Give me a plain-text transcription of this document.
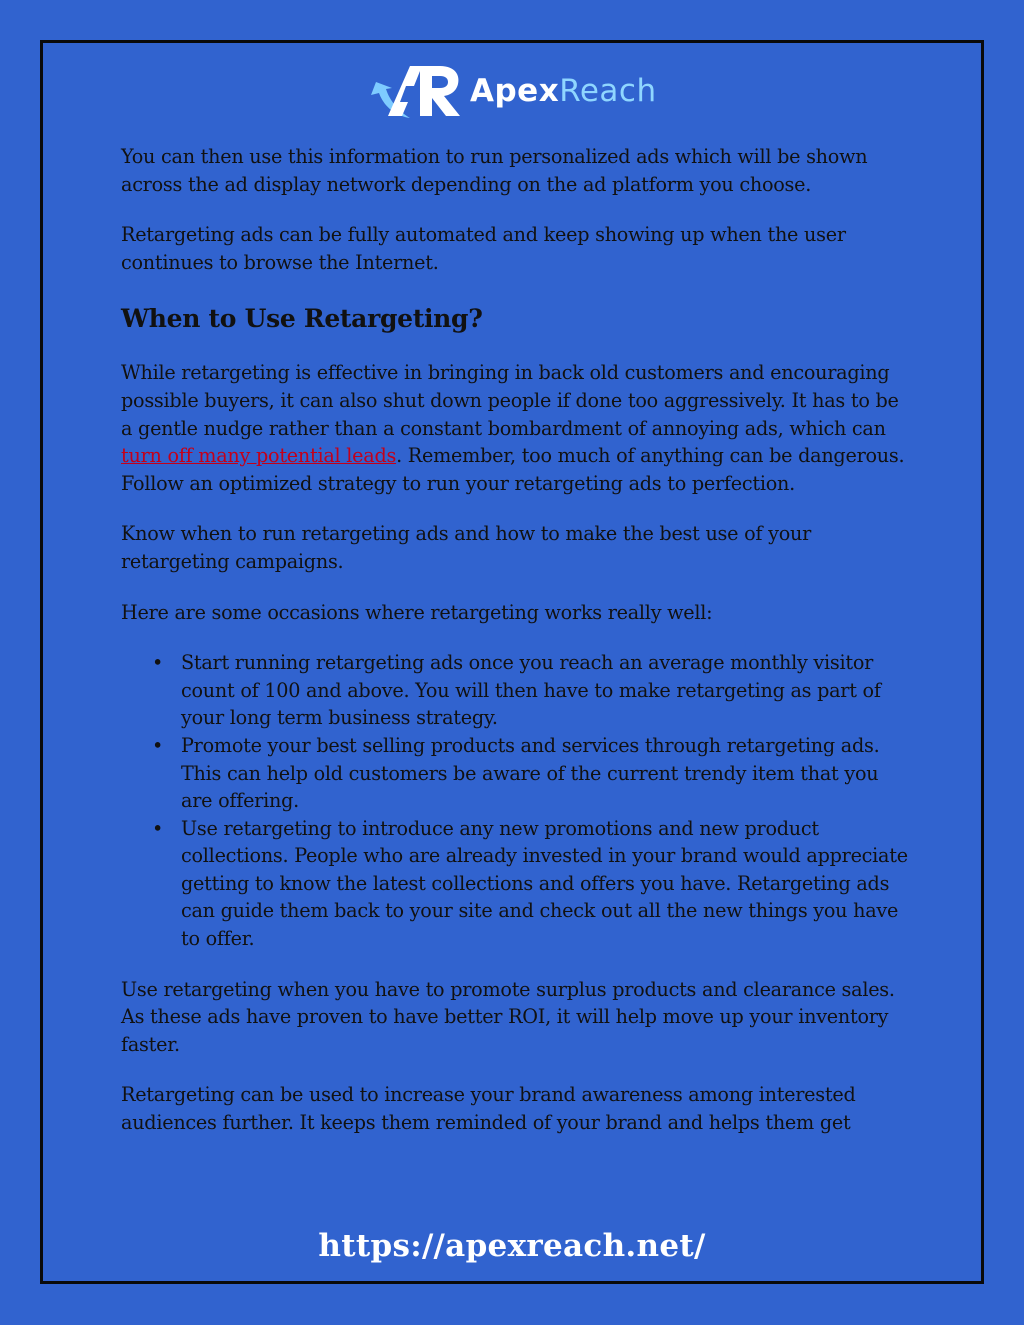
ApexReach

You can then use this information to run personalized ads which will be shown across the ad display network depending on the ad platform you choose.

Retargeting ads can be fully automated and keep showing up when the user continues to browse the Internet.

When to Use Retargeting?

While retargeting is effective in bringing in back old customers and encouraging possible buyers, it can also shut down people if done too aggressively. It has to be a gentle nudge rather than a constant bombardment of annoying ads, which can turn off many potential leads. Remember, too much of anything can be dangerous. Follow an optimized strategy to run your retargeting ads to perfection.

Know when to run retargeting ads and how to make the best use of your retargeting campaigns.

Here are some occasions where retargeting works really well:

• Start running retargeting ads once you reach an average monthly visitor count of 100 and above. You will then have to make retargeting as part of your long term business strategy.
• Promote your best selling products and services through retargeting ads. This can help old customers be aware of the current trendy item that you are offering.
• Use retargeting to introduce any new promotions and new product collections. People who are already invested in your brand would appreciate getting to know the latest collections and offers you have. Retargeting ads can guide them back to your site and check out all the new things you have to offer.

Use retargeting when you have to promote surplus products and clearance sales. As these ads have proven to have better ROI, it will help move up your inventory faster.

Retargeting can be used to increase your brand awareness among interested audiences further. It keeps them reminded of your brand and helps them get

https://apexreach.net/
